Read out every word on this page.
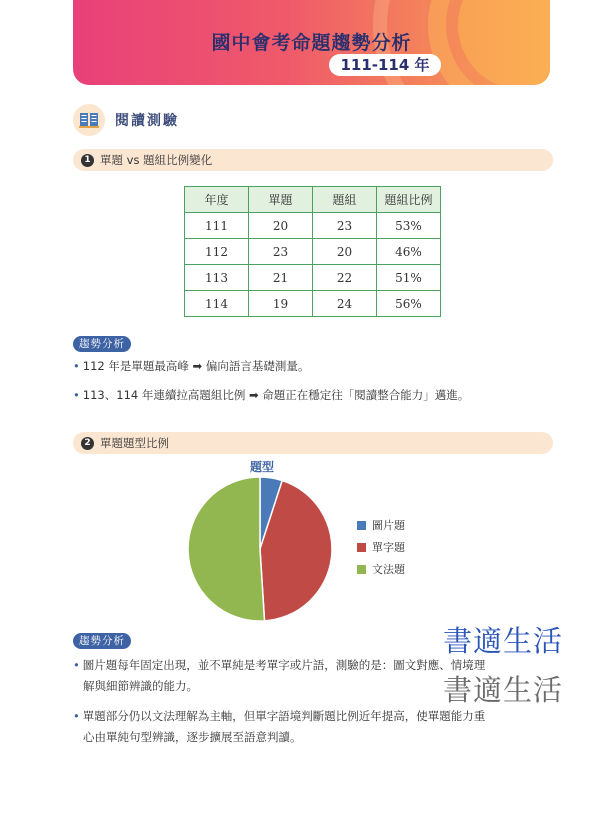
國中會考命題趨勢分析
111-114 年
閱讀測驗
1 單題 vs 題組比例變化
年度	單題	題組	題組比例
111	20	23	53%
112	23	20	46%
113	21	22	51%
114	19	24	56%
趨勢分析
• 112 年是單題最高峰 ➡ 偏向語言基礎測量。
• 113、114 年連續拉高題組比例 ➡ 命題正在穩定往「閱讀整合能力」邁進。
2 單題題型比例
題型
圖片題
單字題
文法題
趨勢分析
• 圖片題每年固定出現，並不單純是考單字或片語，測驗的是：圖文對應、情境理
解與細節辨識的能力。
• 單題部分仍以文法理解為主軸，但單字語境判斷題比例近年提高，使單題能力重
心由單純句型辨識，逐步擴展至語意判讀。
書適生活
書適生活
